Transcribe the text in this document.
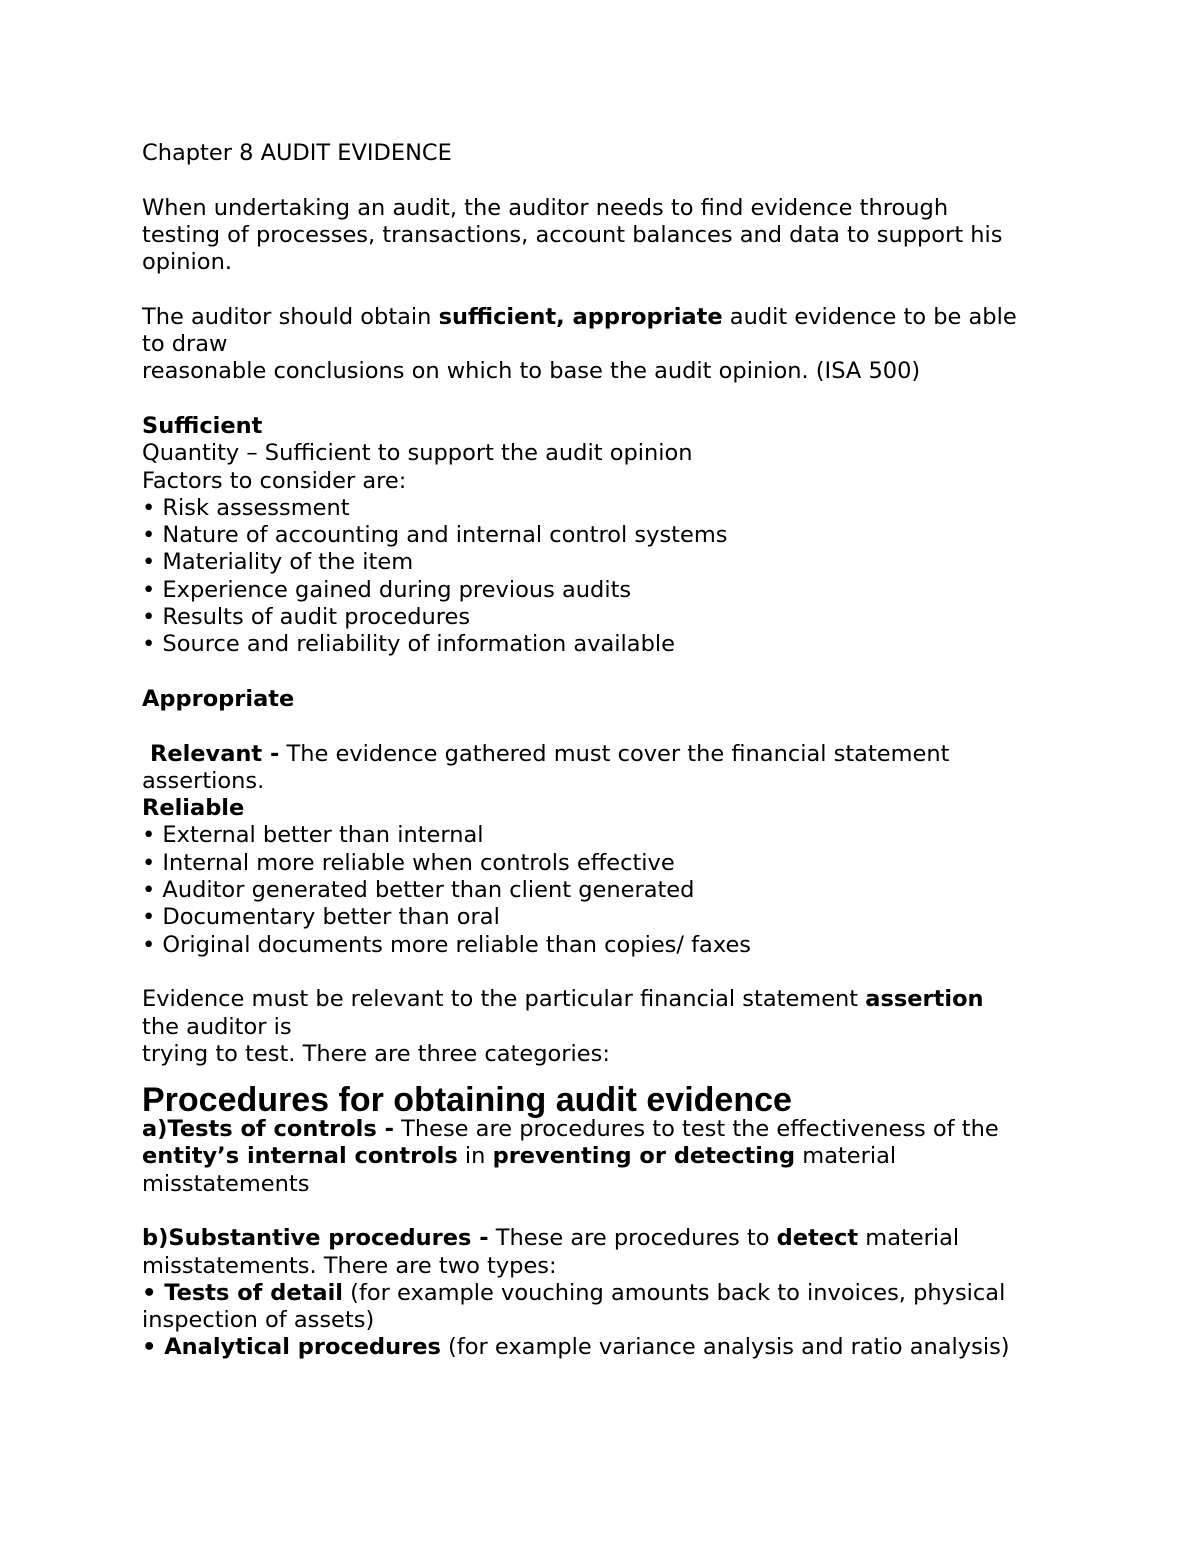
Chapter 8 AUDIT EVIDENCE

When undertaking an audit, the auditor needs to find evidence through

testing of processes, transactions, account balances and data to support his

opinion.

The auditor should obtain sufficient, appropriate audit evidence to be able

to draw

reasonable conclusions on which to base the audit opinion. (ISA 500)

Sufficient

Quantity – Sufficient to support the audit opinion

Factors to consider are:

• Risk assessment

• Nature of accounting and internal control systems

• Materiality of the item

• Experience gained during previous audits

• Results of audit procedures

• Source and reliability of information available

Appropriate

Relevant - The evidence gathered must cover the financial statement

assertions.

Reliable

• External better than internal

• Internal more reliable when controls effective

• Auditor generated better than client generated

• Documentary better than oral

• Original documents more reliable than copies/ faxes

Evidence must be relevant to the particular financial statement assertion

the auditor is

trying to test. There are three categories:

Procedures for obtaining audit evidence

a)Tests of controls - These are procedures to test the effectiveness of the

entity’s internal controls in preventing or detecting material

misstatements

b)Substantive procedures - These are procedures to detect material

misstatements. There are two types:

• Tests of detail (for example vouching amounts back to invoices, physical

inspection of assets)

• Analytical procedures (for example variance analysis and ratio analysis)
